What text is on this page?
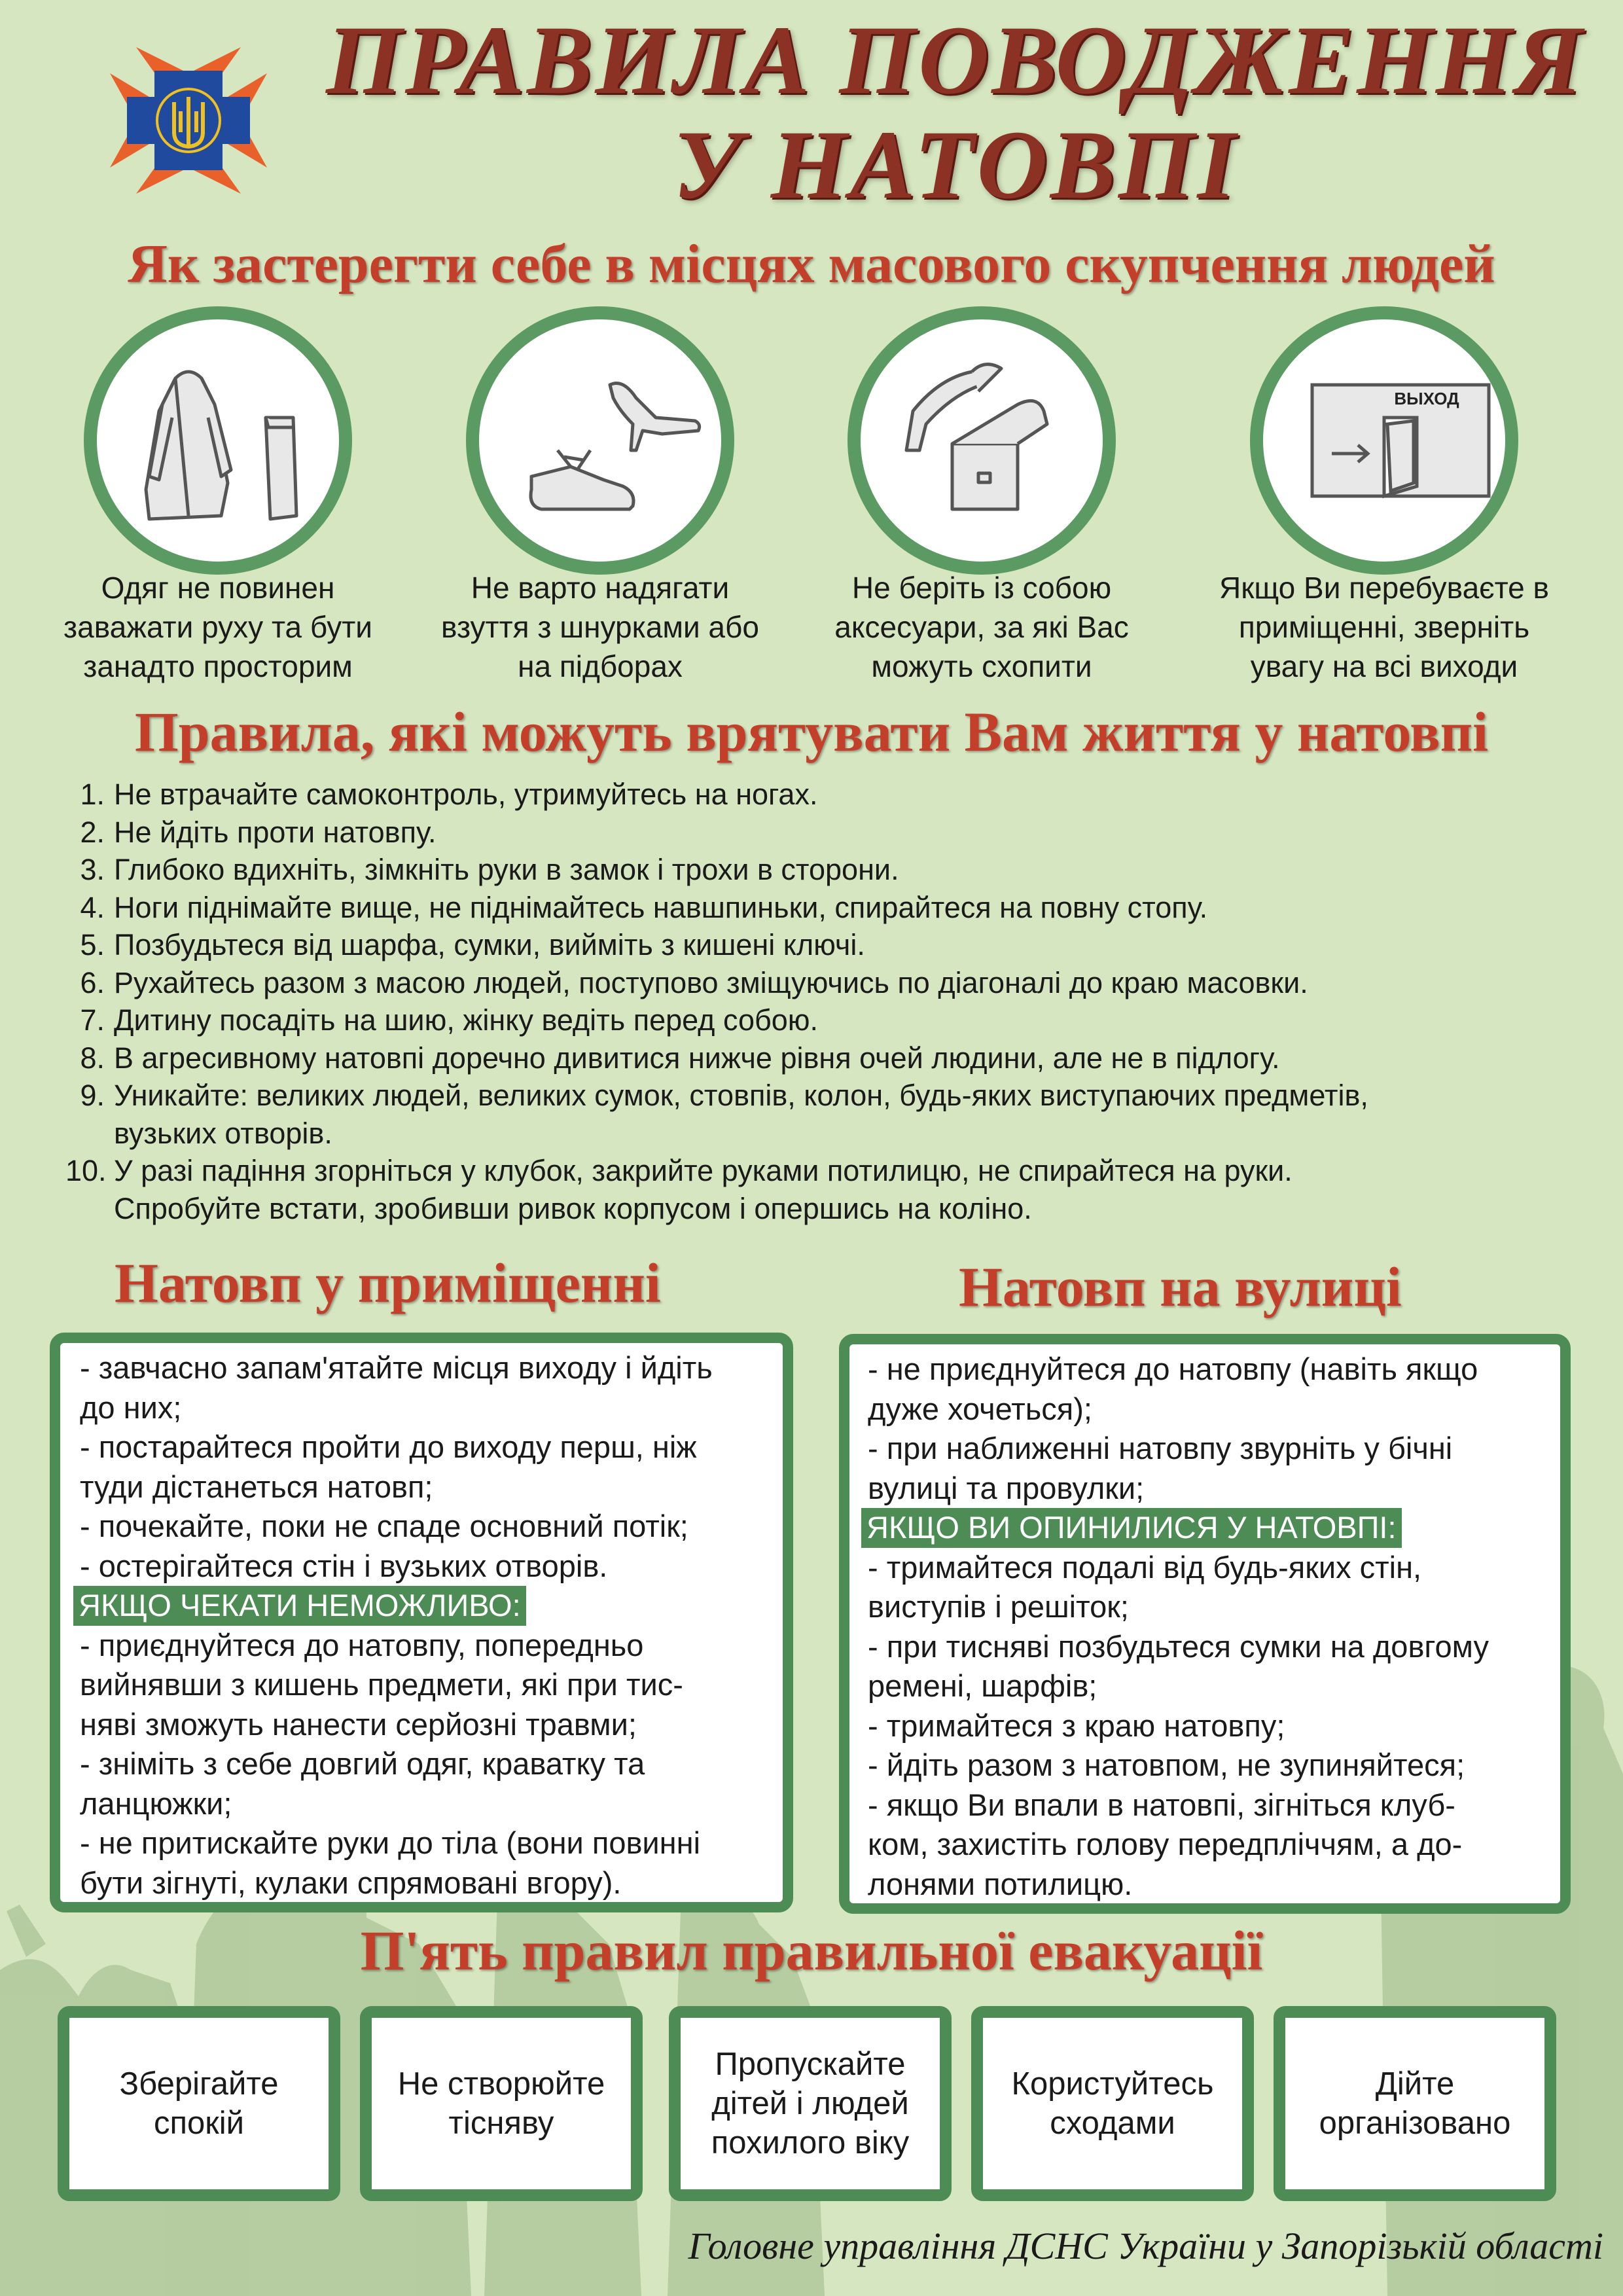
ПРАВИЛА ПОВОДЖЕННЯ
У НАТОВПІ
Як застерегти себе в місцях масового скупчення людей
ВЫХОД
Одяг не повинен заважати руху та бути занадто просторим
Не варто надягати взуття з шнурками або на підборах
Не беріть із собою аксесуари, за які Вас можуть схопити
Якщо Ви перебуваєте в приміщенні, зверніть увагу на всі виходи
Правила, які можуть врятувати Вам життя у натовпі
1. Не втрачайте самоконтроль, утримуйтесь на ногах.
2. Не йдіть проти натовпу.
3. Глибоко вдихніть, зімкніть руки в замок і трохи в сторони.
4. Ноги піднімайте вище, не піднімайтесь навшпиньки, спирайтеся на повну стопу.
5. Позбудьтеся від шарфа, сумки, вийміть з кишені ключі.
6. Рухайтесь разом з масою людей, поступово зміщуючись по діагоналі до краю масовки.
7. Дитину посадіть на шию, жінку ведіть перед собою.
8. В агресивному натовпі доречно дивитися нижче рівня очей людини, але не в підлогу.
9. Уникайте: великих людей, великих сумок, стовпів, колон, будь-яких виступаючих предметів,
вузьких отворів.
10. У разі падіння згорніться у клубок, закрийте руками потилицю, не спирайтеся на руки.
Спробуйте встати, зробивши ривок корпусом і опершись на коліно.
Натовп у приміщенні	Натовп на вулиці
- завчасно запам'ятайте місця виходу і йдіть
до них;
- постарайтеся пройти до виходу перш, ніж
туди дістанеться натовп;
- почекайте, поки не спаде основний потік;
- остерігайтеся стін і вузьких отворів.
ЯКЩО ЧЕКАТИ НЕМОЖЛИВО:
- приєднуйтеся до натовпу, попередньо
вийнявши з кишень предмети, які при тис-
няві зможуть нанести серйозні травми;
- зніміть з себе довгий одяг, краватку та
ланцюжки;
- не притискайте руки до тіла (вони повинні
бути зігнуті, кулаки спрямовані вгору).
- не приєднуйтеся до натовпу (навіть якщо
дуже хочеться);
- при наближенні натовпу звурніть у бічні
вулиці та провулки;
ЯКЩО ВИ ОПИНИЛИСЯ У НАТОВПІ:
- тримайтеся подалі від будь-яких стін,
виступів і решіток;
- при тисняві позбудьтеся сумки на довгому
ремені, шарфів;
- тримайтеся з краю натовпу;
- йдіть разом з натовпом, не зупиняйтеся;
- якщо Ви впали в натовпі, зігніться клуб-
ком, захистіть голову передпліччям, а до-
лонями потилицю.
П'ять правил правильної евакуації
Зберігайте
спокій
Не створюйте
тісняву
Пропускайте
дітей і людей
похилого віку
Користуйтесь
сходами
Дійте
організовано
Головне управління ДСНС України у Запорізькій області
